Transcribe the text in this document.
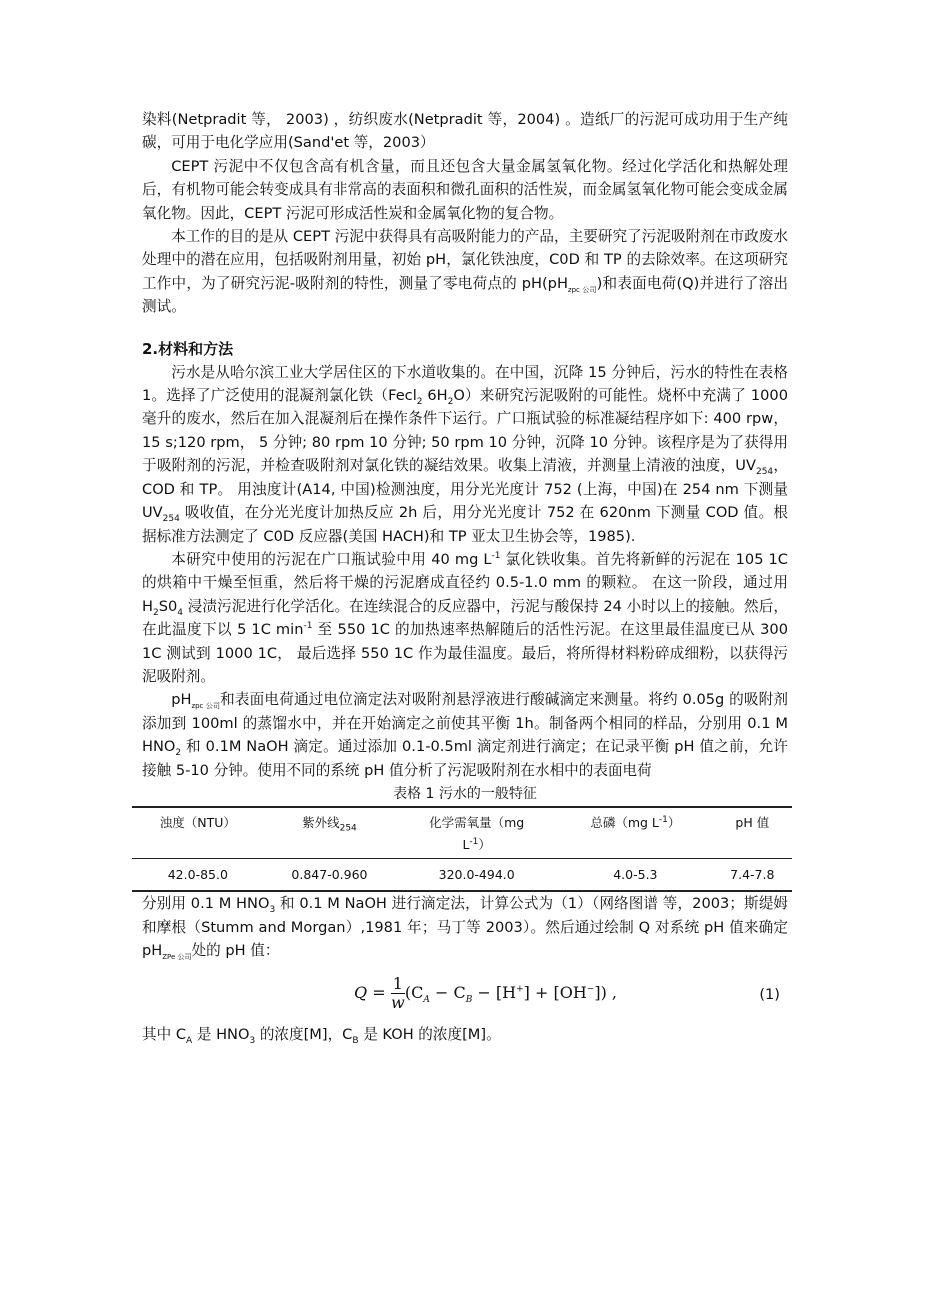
染料(Netpradit 等， 2003) ，纺织废水(Netpradit 等，2004) 。造纸厂的污泥可成功用于生产纯碳，可用于电化学应用(Sand'et 等，2003）

CEPT 污泥中不仅包含高有机含量，而且还包含大量金属氢氧化物。经过化学活化和热解处理后，有机物可能会转变成具有非常高的表面积和微孔面积的活性炭，而金属氢氧化物可能会变成金属氧化物。因此，CEPT 污泥可形成活性炭和金属氧化物的复合物。

本工作的目的是从 CEPT 污泥中获得具有高吸附能力的产品，主要研究了污泥吸附剂在市政废水处理中的潜在应用，包括吸附剂用量，初始 pH，氯化铁浊度，C0D 和 TP 的去除效率。在这项研究工作中，为了研究污泥-吸附剂的特性，测量了零电荷点的 $pH(pH_{zpc 公司})$和表面电荷(Q)并进行了溶出测试。

2.材料和方法

污水是从哈尔滨工业大学居住区的下水道收集的。在中国，沉降 15 分钟后，污水的特性在表格 1。选择了广泛使用的混凝剂氯化铁（Fecl$_2$ $6H_2O$）来研究污泥吸附的可能性。烧杯中充满了 1000 毫升的废水，然后在加入混凝剂后在操作条件下运行。广口瓶试验的标准凝结程序如下: 400 rpw，15 s;120 rpm， 5 分钟; 80 rpm 10 分钟; 50 rpm 10 分钟，沉降 10 分钟。该程序是为了获得用于吸附剂的污泥，并检查吸附剂对氯化铁的凝结效果。收集上清液，并测量上清液的浊度，$UV_{254}$， COD 和 TP。 用浊度计(A14, 中国)检测浊度，用分光光度计 752 (上海，中国)在 254 nm 下测量 $UV_{254}$ 吸收值，在分光光度计加热反应 2h 后，用分光光度计 752 在 620nm 下测量 COD 值。根据标准方法测定了 C0D 反应器(美国 HACH)和 TP 亚太卫生协会等，1985).

本研究中使用的污泥在广口瓶试验中用 40 mg $L^{-1}$ 氯化铁收集。首先将新鲜的污泥在 105 1C 的烘箱中干燥至恒重，然后将干燥的污泥磨成直径约 0.5-1.0 mm 的颗粒。 在这一阶段，通过用 $H_2S0_4$ 浸渍污泥进行化学活化。在连续混合的反应器中，污泥与酸保持 24 小时以上的接触。然后，在此温度下以 5 1C $\min^{-1}$ 至 550 1C 的加热速率热解随后的活性污泥。在这里最佳温度已从 300 1C 测试到 1000 1C， 最后选择 550 1C 作为最佳温度。最后，将所得材料粉碎成细粉，以获得污泥吸附剂。

$pH_{zpc 公司}$和表面电荷通过电位滴定法对吸附剂悬浮液进行酸碱滴定来测量。将约 0.05g 的吸附剂添加到 100ml 的蒸馏水中，并在开始滴定之前使其平衡 1h。制备两个相同的样品，分别用 0.1 M $HNO_2$ 和 0.1M NaOH 滴定。通过添加 0.1-0.5ml 滴定剂进行滴定；在记录平衡 pH 值之前，允许接触 5-10 分钟。使用不同的系统 pH 值分析了污泥吸附剂在水相中的表面电荷

表格 1 污水的一般特征
浊度（NTU）	紫外线$_{254}$	化学需氧量（mg
$L^{-1}$）	总磷（mg $L^{-1}$）	pH 值
42.0-85.0	0.847-0.960	320.0-494.0	4.0-5.3	7.4-7.8

分别用 0.1 M $HNO_3$ 和 0.1 M NaOH 进行滴定法，计算公式为（1）（网络图谱 等，2003；斯缇姆和摩根（Stumm and Morgan）,1981 年；马丁等 2003）。然后通过绘制 Q 对系统 pH 值来确定 $pH_{ZPe 公司}$处的 pH 值：

$Q = \frac{1}{w} (C_A - C_B - [H^+] + [OH^-])$ ,	(1)

其中 $C_A$ 是 $HNO_3$ 的浓度[M]，$C_B$ 是 KOH 的浓度[M]。
